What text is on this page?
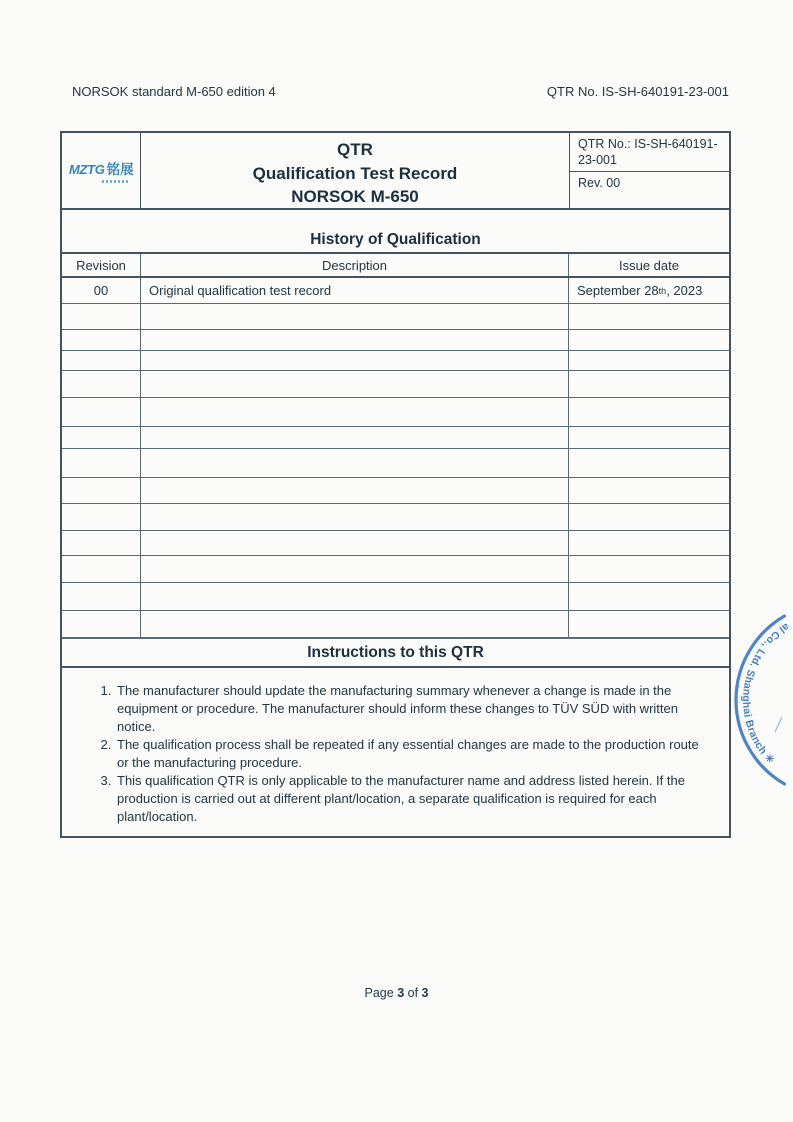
NORSOK standard M-650 edition 4	QTR No. IS-SH-640191-23-001
MZTG 铭展
QTR
Qualification Test Record
NORSOK M-650
QTR No.: IS-SH-640191-23-001
Rev. 00
History of Qualification
Revision	Description	Issue date
00	Original qualification test record	September 28 th , 2023
Instructions to this QTR
1. The manufacturer should update the manufacturing summary whenever a change is made in the equipment or procedure. The manufacturer should inform these changes to TÜV SÜD with written notice.
2. The qualification process shall be repeated if any essential changes are made to the production route or the manufacturing procedure.
3. This qualification QTR is only applicable to the manufacturer name and address listed herein. If the production is carried out at different plant/location, a separate qualification is required for each plant/location.
al Co., Ltd. Shanghai Branch ✳
›
Page 3 of 3
